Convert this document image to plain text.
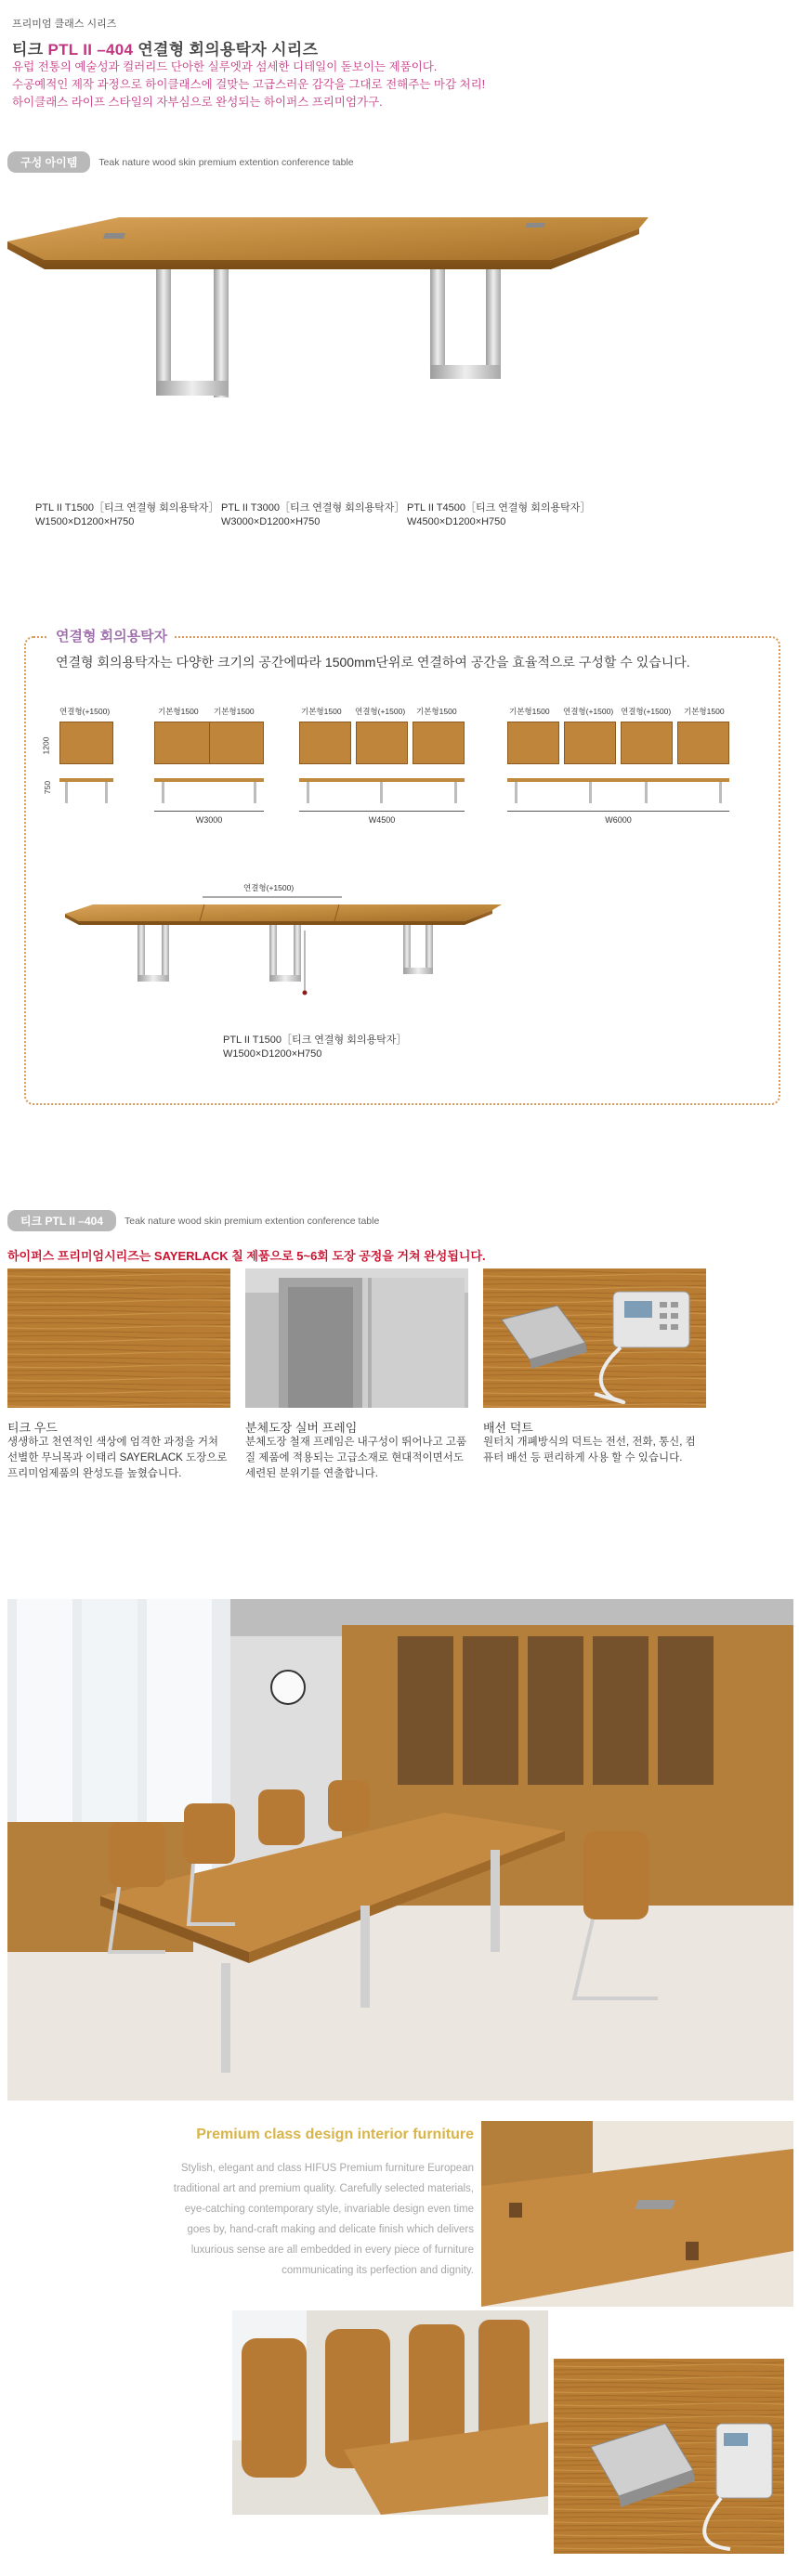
프리미엄 클래스 시리즈
티크 PTL II –404 연결형 회의용탁자 시리즈
유럽 전통의 예술성과 컬러리드 단아한 실루엣과 섬세한 디테일이 돋보이는 제품이다.
수공예적인 제작 과정으로 하이클래스에 걸맞는 고급스러운 감각을 그대로 전해주는 마감 처리!
하이클래스 라이프 스타일의 자부심으로 완성되는 하이퍼스 프리미엄가구.
구성 아이템	Teak nature wood skin premium extention conference table
PTL II T1500［티크 연결형 회의용탁자］
W1500×D1200×H750
PTL II T3000［티크 연결형 회의용탁자］
W3000×D1200×H750
PTL II T4500［티크 연결형 회의용탁자］
W4500×D1200×H750
연결형 회의용탁자
연결형 회의용탁자는 다양한 크기의 공간에따라 1500mm단위로 연결하여 공간을 효율적으로 구성할 수 있습니다.
1200
750
연결형(+1500)	기본형1500 기본형1500
W3000
기본형1500 연결형(+1500) 기본형1500
W4500
기본형1500 연결형(+1500) 연결형(+1500) 기본형1500
W6000
연결형(+1500)
PTL II T1500［티크 연결형 회의용탁자］
W1500×D1200×H750
티크 PTL II –404	Teak nature wood skin premium extention conference table
하이퍼스 프리미엄시리즈는 SAYERLACK 칠 제품으로 5~6회 도장 공정을 거쳐 완성됩니다.
티크 우드
생생하고 천연적인 색상에 엄격한 과정을 거쳐
선별한 무늬목과 이태리 SAYERLACK 도장으로
프리미엄제품의 완성도를 높혔습니다.
분체도장 실버 프레임
분체도장 철재 프레임은 내구성이 뛰어나고 고품
질 제품에 적용되는 고급소재로 현대적이면서도
세련된 분위기를 연출합니다.
배선 덕트
원터치 개폐방식의 덕트는 전선, 전화, 통신, 컴
퓨터 배선 등 편리하게 사용 할 수 있습니다.
Premium class design interior furniture
Stylish, elegant and class HIFUS Premium furniture European
traditional art and premium quality. Carefully selected materials,
eye-catching contemporary style, invariable design even time
goes by, hand-craft making and delicate finish which delivers
luxurious sense are all embedded in every piece of furniture
communicating its perfection and dignity.
